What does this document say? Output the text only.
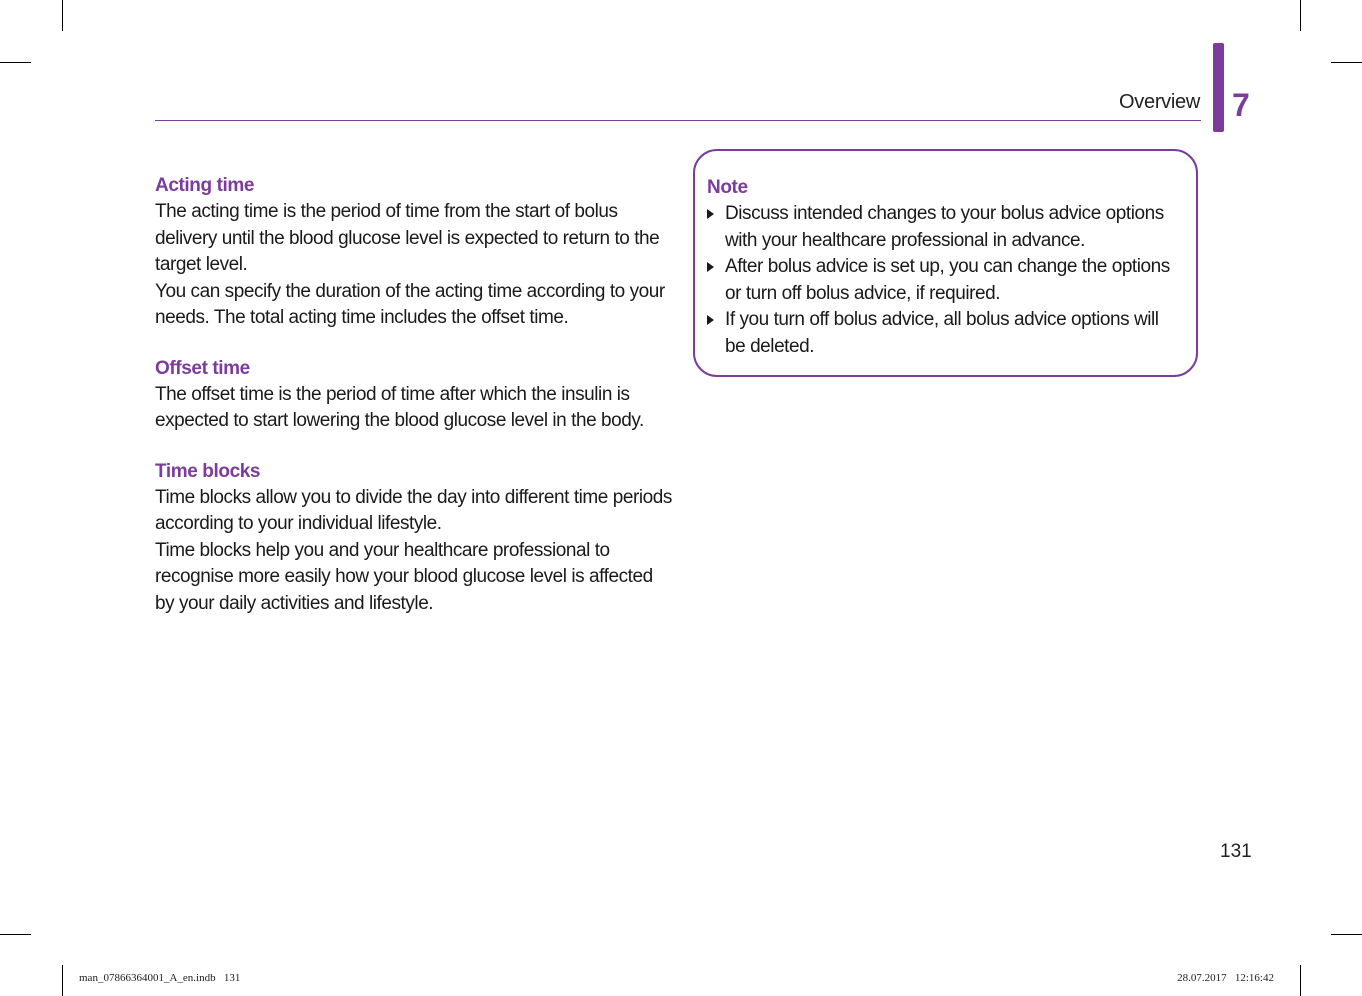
Overview 7
Acting time

The acting time is the period of time from the start of bolus delivery until the blood glucose level is expected to return to the target level.

You can specify the duration of the acting time according to your needs. The total acting time includes the offset time.

Offset time

The offset time is the period of time after which the insulin is expected to start lowering the blood glucose level in the body.

Time blocks

Time blocks allow you to divide the day into different time periods according to your individual lifestyle.

Time blocks help you and your healthcare professional to recognise more easily how your blood glucose level is affected by your daily activities and lifestyle.

Note
Discuss intended changes to your bolus advice options with your healthcare professional in advance.
After bolus advice is set up, you can change the options or turn off bolus advice, if required.
If you turn off bolus advice, all bolus advice options will be deleted.
131
man_07866364001_A_en.indb   131	28.07.2017   12:16:42
